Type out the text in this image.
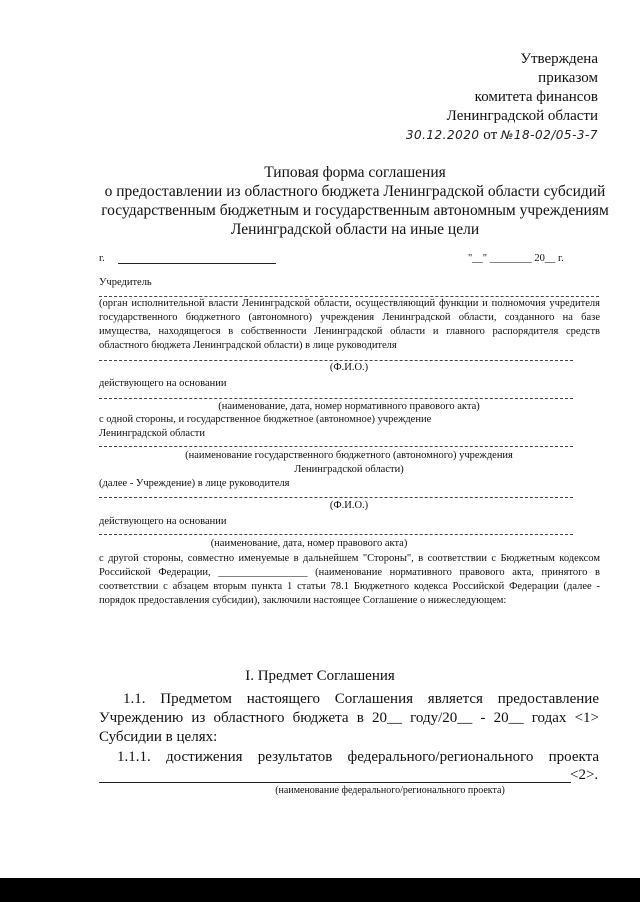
Утверждена
приказом
комитета финансов
Ленинградской области
30.12.2020 от №18-02/05-3-7
Типовая форма соглашения
о предоставлении из областного бюджета Ленинградской области субсидий
государственным бюджетным и государственным автономным учреждениям
Ленинградской области на иные цели
г.	"__" ________ 20__ г.
Учредитель
(орган исполнительной власти Ленинградской области, осуществляющий функции и полномочия учредителя государственного бюджетного (автономного) учреждения Ленинградской области, созданного на базе имущества, находящегося в собственности Ленинградской области и главного распорядителя средств областного бюджета Ленинградской области) в лице руководителя
(Ф.И.О.)
действующего на основании
(наименование, дата, номер нормативного правового акта)
с одной стороны, и государственное бюджетное (автономное) учреждение
Ленинградской области
(наименование государственного бюджетного (автономного) учреждения
Ленинградской области)
(далее - Учреждение) в лице руководителя
(Ф.И.О.)
действующего на основании
(наименование, дата, номер правового акта)
с другой стороны, совместно именуемые в дальнейшем "Стороны", в соответствии с Бюджетным кодексом Российской Федерации, _________________ (наименование нормативного правового акта, принятого в соответствии с абзацем вторым пункта 1 статьи 78.1 Бюджетного кодекса Российской Федерации (далее - порядок предоставления субсидии), заключили настоящее Соглашение о нижеследующем:
I. Предмет Соглашения
1.1. Предметом настоящего Соглашения является предоставление Учреждению из областного бюджета в 20__ году/20__ - 20__ годах <1> Субсидии в целях:
1.1.1. достижения результатов федерального/регионального проекта
<2>.
(наименование федерального/регионального проекта)
